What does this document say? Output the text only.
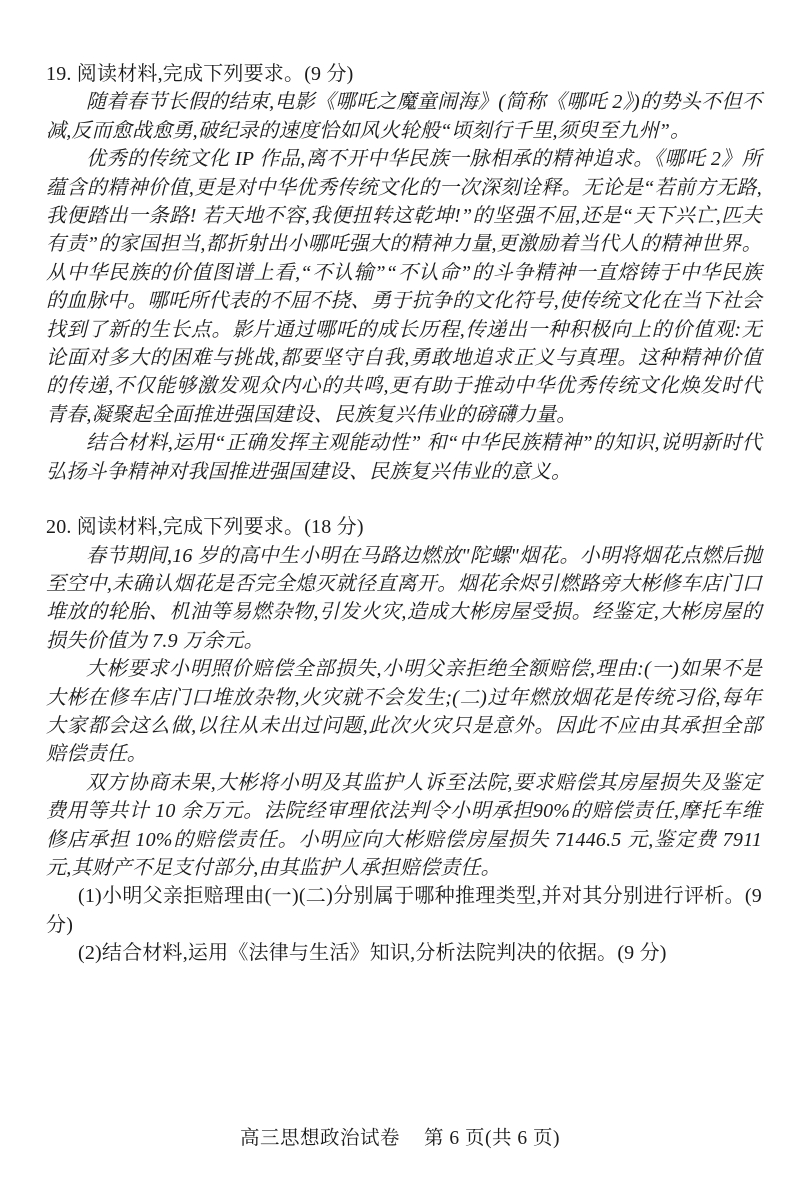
19. 阅读材料,完成下列要求。(9 分)

随着春节长假的结束,电影《哪吒之魔童闹海》(简称《哪吒 2》)的势头不但不减,反而愈战愈勇,破纪录的速度恰如风火轮般“顷刻行千里,须臾至九州”。

优秀的传统文化 IP 作品,离不开中华民族一脉相承的精神追求。《哪吒 2》所蕴含的精神价值,更是对中华优秀传统文化的一次深刻诠释。无论是“若前方无路,我便踏出一条路! 若天地不容,我便扭转这乾坤!”的坚强不屈,还是“天下兴亡,匹夫有责”的家国担当,都折射出小哪吒强大的精神力量,更激励着当代人的精神世界。从中华民族的价值图谱上看,“不认输”“不认命”的斗争精神一直熔铸于中华民族的血脉中。哪吒所代表的不屈不挠、勇于抗争的文化符号,使传统文化在当下社会找到了新的生长点。影片通过哪吒的成长历程,传递出一种积极向上的价值观:无论面对多大的困难与挑战,都要坚守自我,勇敢地追求正义与真理。这种精神价值的传递,不仅能够激发观众内心的共鸣,更有助于推动中华优秀传统文化焕发时代青春,凝聚起全面推进强国建设、民族复兴伟业的磅礴力量。

结合材料,运用“正确发挥主观能动性” 和“中华民族精神”的知识,说明新时代弘扬斗争精神对我国推进强国建设、民族复兴伟业的意义。

20. 阅读材料,完成下列要求。(18 分)

春节期间,16 岁的高中生小明在马路边燃放"陀螺"烟花。小明将烟花点燃后抛至空中,未确认烟花是否完全熄灭就径直离开。烟花余烬引燃路旁大彬修车店门口堆放的轮胎、机油等易燃杂物,引发火灾,造成大彬房屋受损。经鉴定,大彬房屋的损失价值为 7.9 万余元。

大彬要求小明照价赔偿全部损失,小明父亲拒绝全额赔偿,理由:(一)如果不是大彬在修车店门口堆放杂物,火灾就不会发生;(二)过年燃放烟花是传统习俗,每年大家都会这么做,以往从未出过问题,此次火灾只是意外。因此不应由其承担全部赔偿责任。

双方协商未果,大彬将小明及其监护人诉至法院,要求赔偿其房屋损失及鉴定费用等共计 10 余万元。法院经审理依法判令小明承担90%的赔偿责任,摩托车维修店承担 10%的赔偿责任。小明应向大彬赔偿房屋损失 71446.5 元,鉴定费 7911 元,其财产不足支付部分,由其监护人承担赔偿责任。

(1)小明父亲拒赔理由(一)(二)分别属于哪种推理类型,并对其分别进行评析。(9 分)

(2)结合材料,运用《法律与生活》知识,分析法院判决的依据。(9 分)

高三思想政治试卷 第 6 页(共 6 页)
